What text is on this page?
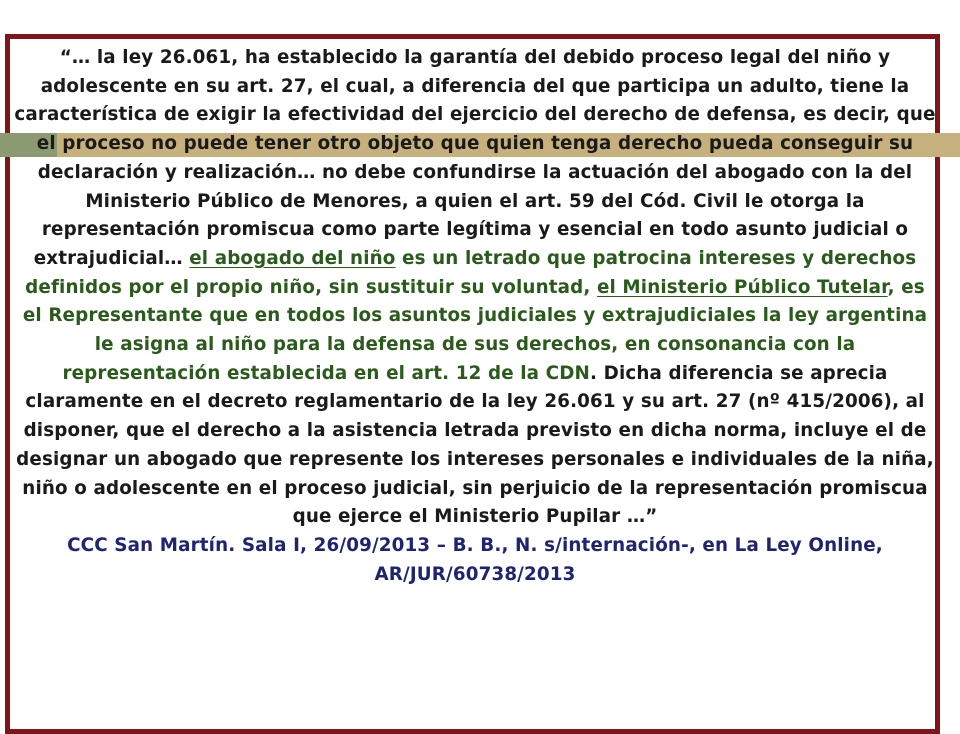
“… la ley 26.061, ha establecido la garantía del debido proceso legal del niño y adolescente en su art. 27, el cual, a diferencia del que participa un adulto, tiene la característica de exigir la efectividad del ejercicio del derecho de defensa, es decir, que el proceso no puede tener otro objeto que quien tenga derecho pueda conseguir su declaración y realización… no debe confundirse la actuación del abogado con la del Ministerio Público de Menores, a quien el art. 59 del Cód. Civil le otorga la representación promiscua como parte legítima y esencial en todo asunto judicial o extrajudicial… el abogado del niño es un letrado que patrocina intereses y derechos definidos por el propio niño, sin sustituir su voluntad, el Ministerio Público Tutelar, es el Representante que en todos los asuntos judiciales y extrajudiciales la ley argentina le asigna al niño para la defensa de sus derechos, en consonancia con la representación establecida en el art. 12 de la CDN. Dicha diferencia se aprecia claramente en el decreto reglamentario de la ley 26.061 y su art. 27 (nº 415/2006), al disponer, que el derecho a la asistencia letrada previsto en dicha norma, incluye el de designar un abogado que represente los intereses personales e individuales de la niña, niño o adolescente en el proceso judicial, sin perjuicio de la representación promiscua que ejerce el Ministerio Pupilar …”

CCC San Martín. Sala I, 26/09/2013 – B. B., N. s/internación-, en La Ley Online, AR/JUR/60738/2013
